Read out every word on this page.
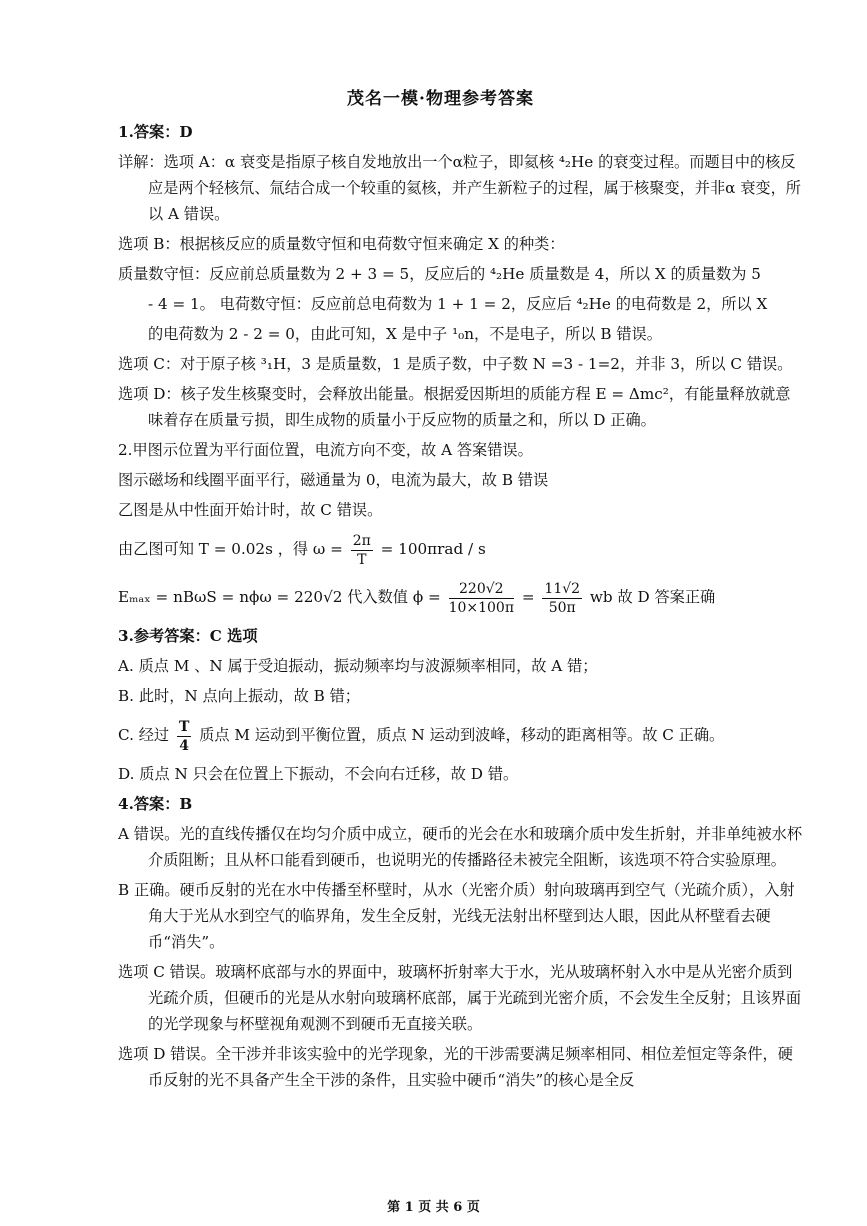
茂名一模·物理参考答案
1.答案：D
详解：选项 A：α 衰变是指原子核自发地放出一个α粒子，即氦核 ⁴₂He 的衰变过程。而题目中的核反应是两个轻核氘、氚结合成一个较重的氦核，并产生新粒子的过程，属于核聚变，并非α 衰变，所以 A 错误。
选项 B：根据核反应的质量数守恒和电荷数守恒来确定 X 的种类：
质量数守恒：反应前总质量数为 2 + 3 = 5，反应后的 ⁴₂He 质量数是 4，所以 X 的质量数为 5
- 4 = 1。 电荷数守恒：反应前总电荷数为 1 + 1 = 2，反应后 ⁴₂He 的电荷数是 2，所以 X
的电荷数为 2 - 2 = 0，由此可知，X 是中子 ¹₀n，不是电子，所以 B 错误。
选项 C：对于原子核 ³₁H，3 是质量数，1 是质子数，中子数 N =3 - 1=2，并非 3，所以 C 错误。
选项 D：核子发生核聚变时，会释放出能量。根据爱因斯坦的质能方程 E = Δmc²，有能量释放就意味着存在质量亏损，即生成物的质量小于反应物的质量之和，所以 D 正确。
2.甲图示位置为平行面位置，电流方向不变，故 A 答案错误。
图示磁场和线圈平面平行，磁通量为 0，电流为最大，故 B 错误
乙图是从中性面开始计时，故 C 错误。
由乙图可知 T = 0.02s ，得 $\omega = \frac{2\pi}{T} = 100\pi rad / s$
Eₘₐₓ = nBωS = nϕω = 220√2 代入数值 $\phi = \frac{220√2}{10\times 100\pi} = \frac{11√2}{50\pi}$ wb 故 D 答案正确
3.参考答案：C 选项
A. 质点 M 、N 属于受迫振动，振动频率均与波源频率相同，故 A 错；
B. 此时，N 点向上振动，故 B 错；
C. 经过 $\frac{T}{4}$ 质点 M 运动到平衡位置，质点 N 运动到波峰，移动的距离相等。故 C 正确。
D. 质点 N 只会在位置上下振动，不会向右迁移，故 D 错。
4.答案：B
A 错误。光的直线传播仅在均匀介质中成立，硬币的光会在水和玻璃介质中发生折射，并非单纯被水杯介质阻断；且从杯口能看到硬币，也说明光的传播路径未被完全阻断，该选项不符合实验原理。
B 正确。硬币反射的光在水中传播至杯壁时，从水（光密介质）射向玻璃再到空气（光疏介质），入射角大于光从水到空气的临界角，发生全反射，光线无法射出杯壁到达人眼，因此从杯壁看去硬币“消失”。
选项 C 错误。玻璃杯底部与水的界面中，玻璃杯折射率大于水，光从玻璃杯射入水中是从光密介质到光疏介质，但硬币的光是从水射向玻璃杯底部，属于光疏到光密介质，不会发生全反射；且该界面的光学现象与杯壁视角观测不到硬币无直接关联。
选项 D 错误。全干涉并非该实验中的光学现象，光的干涉需要满足频率相同、相位差恒定等条件，硬币反射的光不具备产生全干涉的条件，且实验中硬币“消失”的核心是全反
第 1 页 共 6 页
